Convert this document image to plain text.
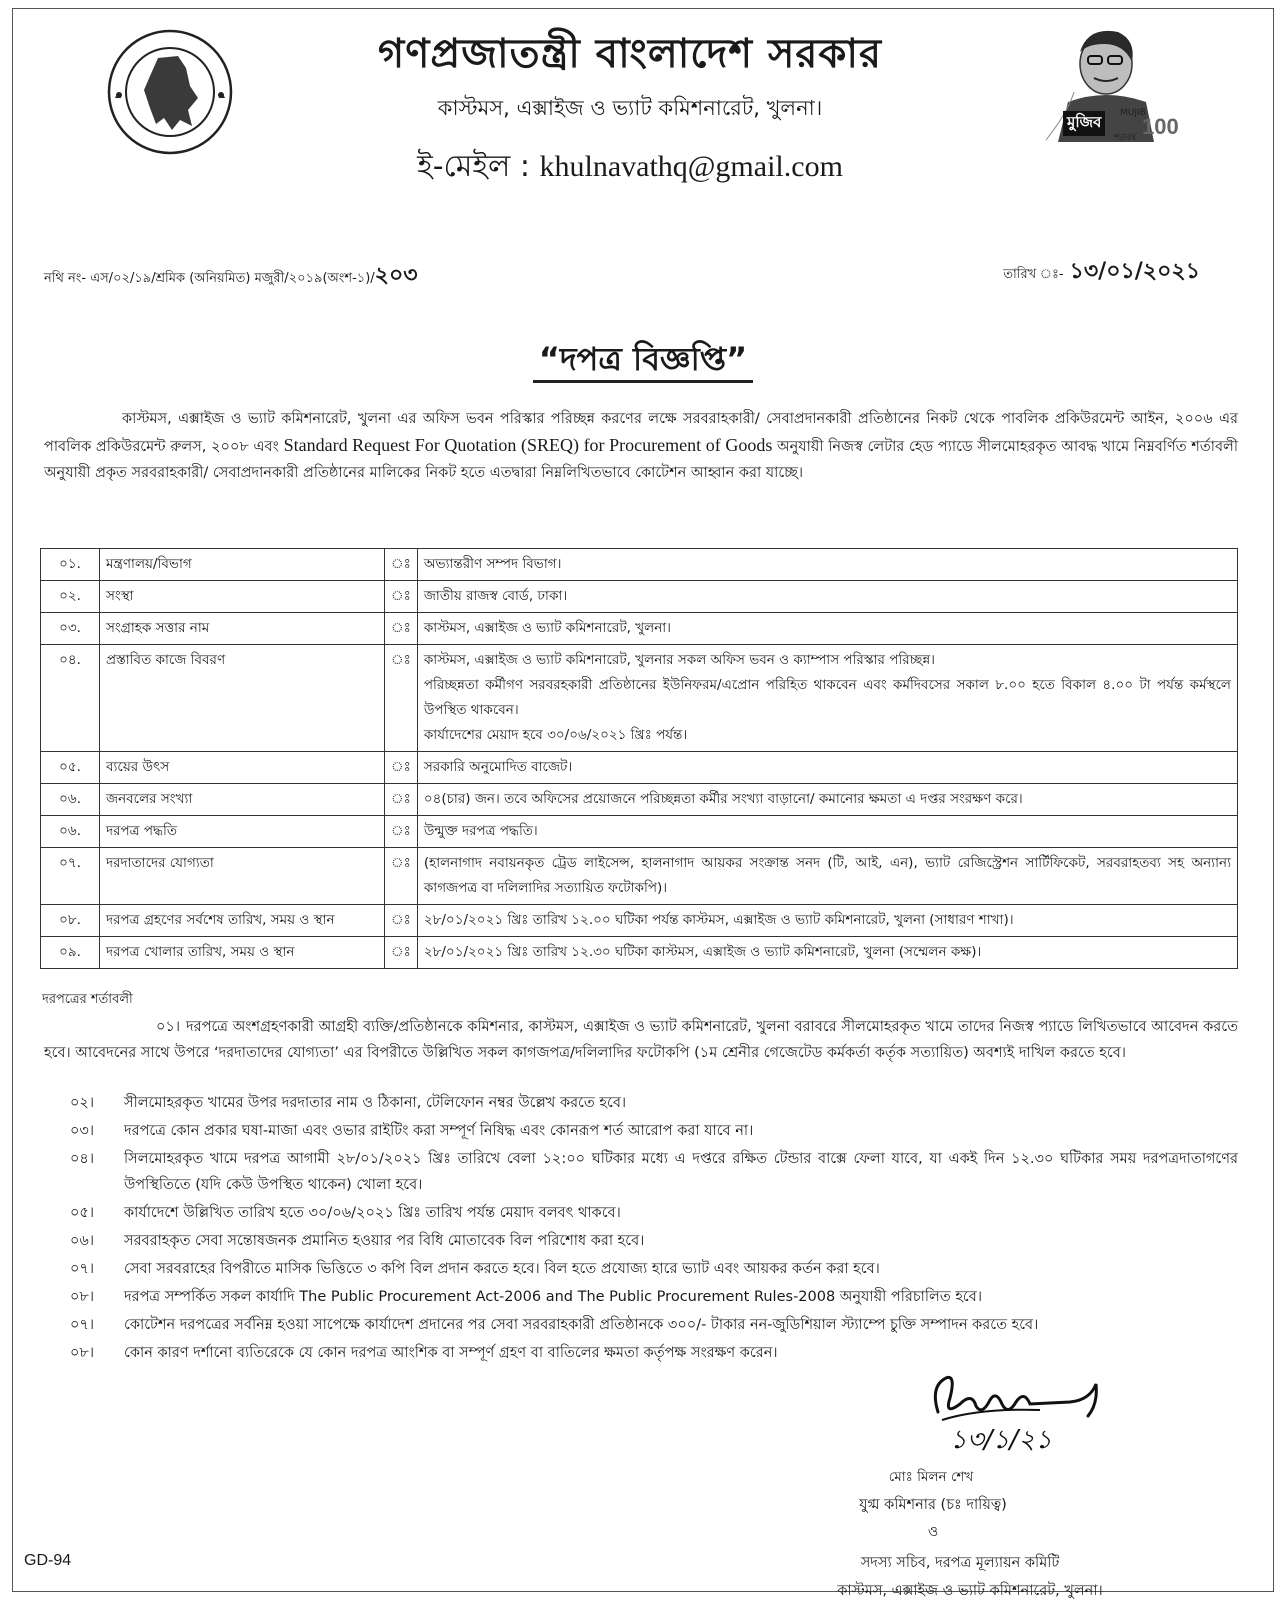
মুজিব	MUJIB
100
শতবর্ষ
গণপ্রজাতন্ত্রী বাংলাদেশ সরকার
কাস্টমস, এক্সাইজ ও ভ্যাট কমিশনারেট, খুলনা।
ই-মেইল : khulnavathq@gmail.com
নথি নং- এস/০২/১৯/শ্রমিক (অনিয়মিত) মজুরী/২০১৯(অংশ-১)/২০৩	তারিখ ঃ- ১৩/০১/২০২১
“দপত্র বিজ্ঞপ্তি”

কাস্টমস, এক্সাইজ ও ভ্যাট কমিশনারেট, খুলনা এর অফিস ভবন পরিস্কার পরিচ্ছন্ন করণের লক্ষে সরবরাহকারী/ সেবাপ্রদানকারী প্রতিষ্ঠানের নিকট থেকে পাবলিক প্রকিউরমেন্ট আইন, ২০০৬ এর পাবলিক প্রকিউরমেন্ট রুলস, ২০০৮ এবং Standard Request For Quotation (SREQ) for Procurement of Goods অনুযায়ী নিজস্ব লেটার হেড প্যাডে সীলমোহরকৃত আবদ্ধ খামে নিম্নবর্ণিত শর্তাবলী অনুযায়ী প্রকৃত সরবরাহকারী/ সেবাপ্রদানকারী প্রতিষ্ঠানের মালিকের নিকট হতে এতদ্বারা নিম্নলিখিতভাবে কোটেশন আহ্বান করা যাচ্ছে।

০১.	মন্ত্রণালয়/বিভাগ	ঃ	অভ্যান্তরীণ সম্পদ বিভাগ।

০২.	সংস্থা	ঃ	জাতীয় রাজস্ব বোর্ড, ঢাকা।

০৩.	সংগ্রাহক সত্তার নাম	ঃ	কাস্টমস, এক্সাইজ ও ভ্যাট কমিশনারেট, খুলনা।

০৪.	প্রস্তাবিত কাজে বিবরণ	ঃ	কাস্টমস, এক্সাইজ ও ভ্যাট কমিশনারেট, খুলনার সকল অফিস ভবন ও ক্যাম্পাস পরিস্কার পরিচ্ছন্ন।
পরিচ্ছন্নতা কর্মীগণ সরবরহকারী প্রতিষ্ঠানের ইউনিফরম/এপ্রোন পরিহিত থাকবেন এবং কর্মদিবসের সকাল ৮.০০ হতে বিকাল ৪.০০ টা পর্যন্ত কর্মস্থলে উপস্থিত থাকবেন।
কার্যাদেশের মেয়াদ হবে ৩০/০৬/২০২১ খ্রিঃ পর্যন্ত।

০৫.	ব্যয়ের উৎস	ঃ	সরকারি অনুমোদিত বাজেট।

০৬.	জনবলের সংখ্যা	ঃ	০৪(চার) জন। তবে অফিসের প্রয়োজনে পরিচ্ছন্নতা কর্মীর সংখ্যা বাড়ানো/ কমানোর ক্ষমতা এ দপ্তর সংরক্ষণ করে।

০৬.	দরপত্র পদ্ধতি	ঃ	উন্মুক্ত দরপত্র পদ্ধতি।

০৭.	দরদাতাদের যোগ্যতা	ঃ	(হালনাগাদ নবায়নকৃত ট্রেড লাইসেন্স, হালনাগাদ আয়কর সংক্রান্ত সনদ (টি, আই, এন), ভ্যাট রেজিস্ট্রেশন সার্টিফিকেট, সরবরাহতব্য সহ অন্যান্য কাগজপত্র বা দলিলাদির সত্যায়িত ফটোকপি)।

০৮.	দরপত্র গ্রহণের সর্বশেষ তারিখ, সময় ও স্থান	ঃ	২৮/০১/২০২১ খ্রিঃ তারিখ ১২.০০ ঘটিকা পর্যন্ত কাস্টমস, এক্সাইজ ও ভ্যাট কমিশনারেট, খুলনা (সাধারণ শাখা)।

০৯.	দরপত্র খোলার তারিখ, সময় ও স্থান	ঃ	২৮/০১/২০২১ খ্রিঃ তারিখ ১২.৩০ ঘটিকা কাস্টমস, এক্সাইজ ও ভ্যাট কমিশনারেট, খুলনা (সম্মেলন কক্ষ)।
দরপত্রের শর্তাবলী

০১। দরপত্রে অংশগ্রহণকারী আগ্রহী ব্যক্তি/প্রতিষ্ঠানকে কমিশনার, কাস্টমস, এক্সাইজ ও ভ্যাট কমিশনারেট, খুলনা বরাবরে সীলমোহরকৃত খামে তাদের নিজস্ব প্যাডে লিখিতভাবে আবেদন করতে হবে। আবেদনের সাথে উপরে ‘দরদাতাদের যোগ্যতা’ এর বিপরীতে উল্লিখিত সকল কাগজপত্র/দলিলাদির ফটোকপি (১ম শ্রেনীর গেজেটেড কর্মকর্তা কর্তৃক সত্যায়িত) অবশ্যই দাখিল করতে হবে।

০২।	সীলমোহরকৃত খামের উপর দরদাতার নাম ও ঠিকানা, টেলিফোন নম্বর উল্লেখ করতে হবে।
০৩।	দরপত্রে কোন প্রকার ঘষা-মাজা এবং ওভার রাইটিং করা সম্পূর্ণ নিষিদ্ধ এবং কোনরূপ শর্ত আরোপ করা যাবে না।
০৪।	সিলমোহরকৃত খামে দরপত্র আগামী ২৮/০১/২০২১ খ্রিঃ তারিখে বেলা ১২:০০ ঘটিকার মধ্যে এ দপ্তরে রক্ষিত টেন্ডার বাক্সে ফেলা যাবে, যা একই দিন ১২.৩০ ঘটিকার সময় দরপত্রদাতাগণের উপস্থিতিতে (যদি কেউ উপস্থিত থাকেন) খোলা হবে।
০৫।	কার্যাদেশে উল্লিখিত তারিখ হতে ৩০/০৬/২০২১ খ্রিঃ তারিখ পর্যন্ত মেয়াদ বলবৎ থাকবে।
০৬।	সরবরাহকৃত সেবা সন্তোষজনক প্রমানিত হওয়ার পর বিধি মোতাবেক বিল পরিশোধ করা হবে।
০৭।	সেবা সরবরাহের বিপরীতে মাসিক ভিত্তিতে ৩ কপি বিল প্রদান করতে হবে। বিল হতে প্রযোজ্য হারে ভ্যাট এবং আয়কর কর্তন করা হবে।
০৮।	দরপত্র সম্পর্কিত সকল কার্যাদি The Public Procurement Act-2006 and The Public Procurement Rules-2008 অনুযায়ী পরিচালিত হবে।
০৭।	কোটেশন দরপত্রের সর্বনিম্ন হওয়া সাপেক্ষে কার্যাদেশ প্রদানের পর সেবা সরবরাহকারী প্রতিষ্ঠানকে ৩০০/- টাকার নন-জুডিশিয়াল স্ট্যাম্পে চুক্তি সম্পাদন করতে হবে।
০৮।	কোন কারণ দর্শানো ব্যতিরেকে যে কোন দরপত্র আংশিক বা সম্পূর্ণ গ্রহণ বা বাতিলের ক্ষমতা কর্তৃপক্ষ সংরক্ষণ করেন।
১৩/১/২১
মোঃ মিলন শেখ
যুগ্ম কমিশনার (চঃ দায়িত্ব)
ও
সদস্য সচিব, দরপত্র মূল্যায়ন কমিটি
কাস্টমস, এক্সাইজ ও ভ্যাট কমিশনারেট, খুলনা।
GD-94
